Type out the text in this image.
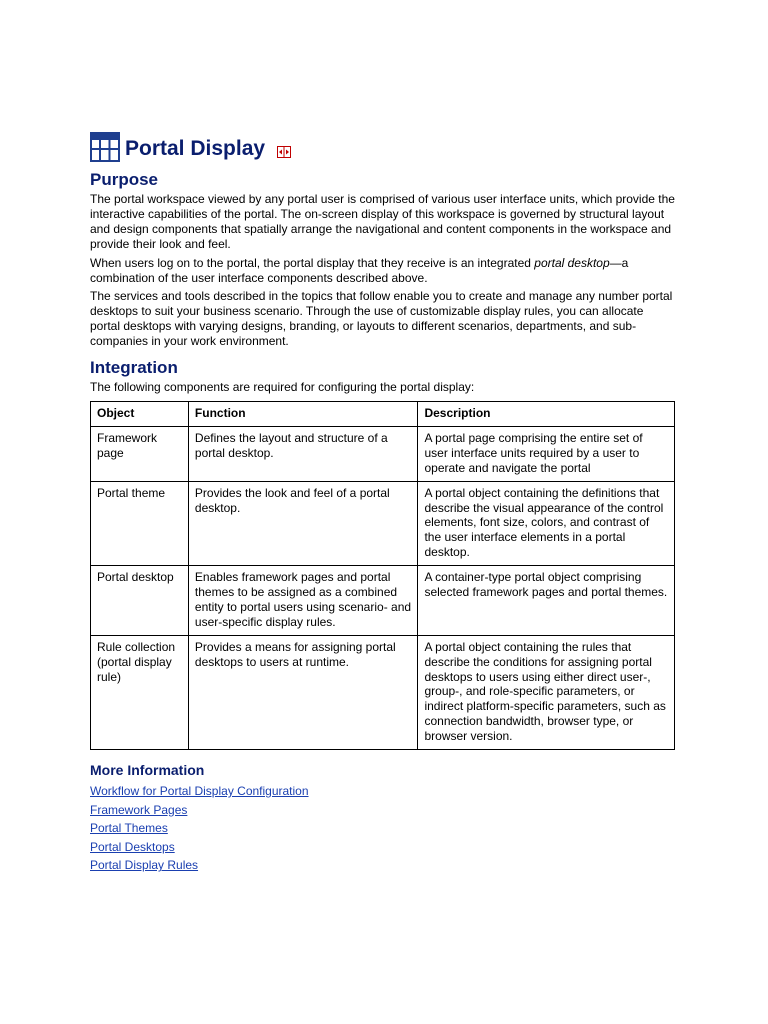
Portal Display
Purpose

The portal workspace viewed by any portal user is comprised of various user interface units, which provide the interactive capabilities of the portal. The on-screen display of this workspace is governed by structural layout and design components that spatially arrange the navigational and content components in the workspace and provide their look and feel.

When users log on to the portal, the portal display that they receive is an integrated portal desktop—a combination of the user interface components described above.

The services and tools described in the topics that follow enable you to create and manage any number portal desktops to suit your business scenario. Through the use of customizable display rules, you can allocate portal desktops with varying designs, branding, or layouts to different scenarios, departments, and sub-companies in your work environment.

Integration

The following components are required for configuring the portal display:

Object	Function	Description
Framework page	Defines the layout and structure of a portal desktop.	A portal page comprising the entire set of user interface units required by a user to operate and navigate the portal
Portal theme	Provides the look and feel of a portal desktop.	A portal object containing the definitions that describe the visual appearance of the control elements, font size, colors, and contrast of the user interface elements in a portal desktop.
Portal desktop	Enables framework pages and portal themes to be assigned as a combined entity to portal users using scenario- and user-specific display rules.	A container-type portal object comprising selected framework pages and portal themes.
Rule collection (portal display rule)	Provides a means for assigning portal desktops to users at runtime.	A portal object containing the rules that describe the conditions for assigning portal desktops to users using either direct user-, group-, and role-specific parameters, or indirect platform-specific parameters, such as connection bandwidth, browser type, or browser version.
More Information
Workflow for Portal Display Configuration
Framework Pages
Portal Themes
Portal Desktops
Portal Display Rules
